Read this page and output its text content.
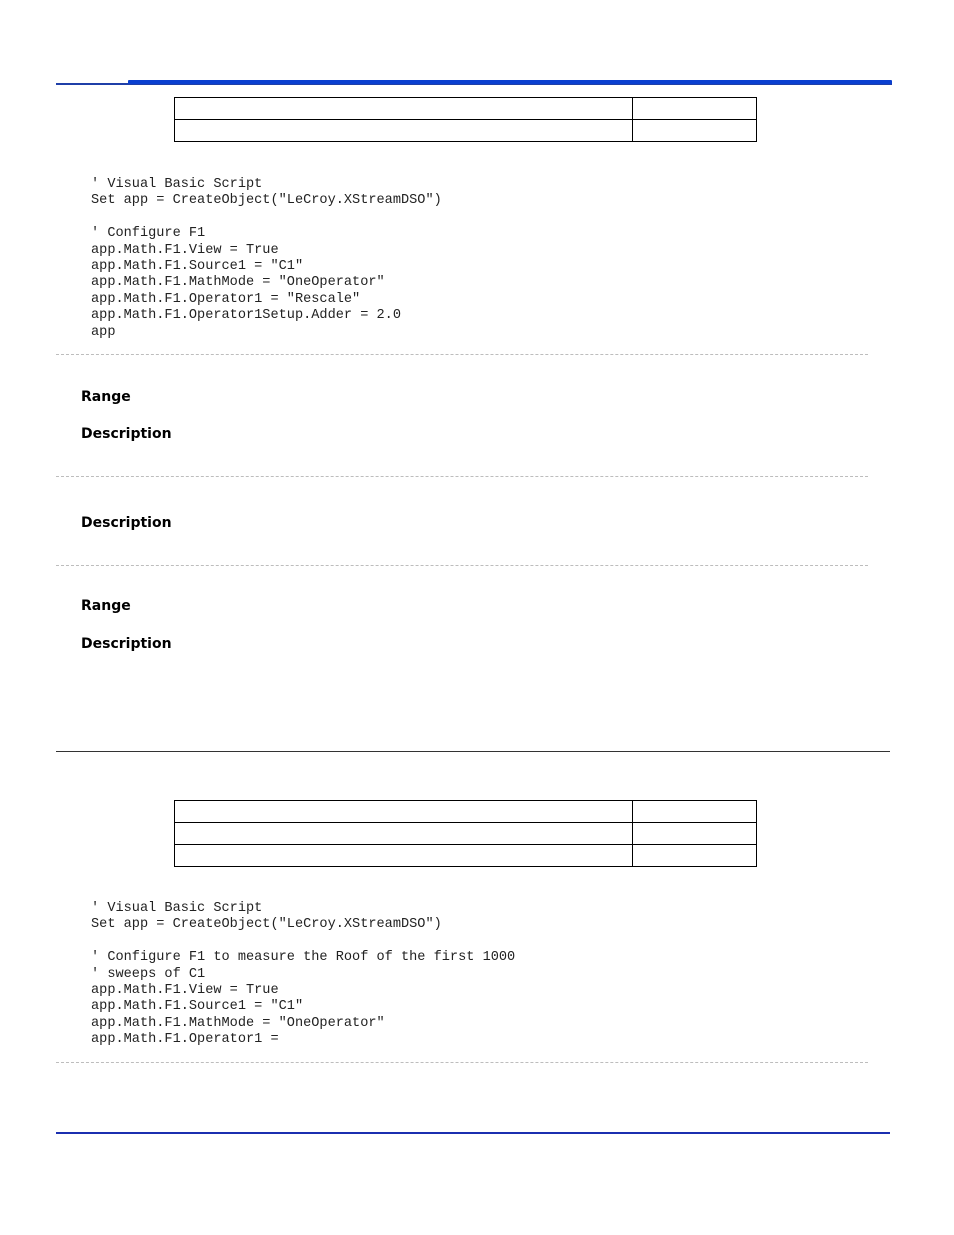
' Visual Basic Script
Set app = CreateObject("LeCroy.XStreamDSO")

' Configure F1
app.Math.F1.View = True
app.Math.F1.Source1 = "C1"
app.Math.F1.MathMode = "OneOperator"
app.Math.F1.Operator1 = "Rescale"
app.Math.F1.Operator1Setup.Adder = 2.0
app
Range
Description
Description
Range
Description

' Visual Basic Script
Set app = CreateObject("LeCroy.XStreamDSO")

' Configure F1 to measure the Roof of the first 1000
' sweeps of C1
app.Math.F1.View = True
app.Math.F1.Source1 = "C1"
app.Math.F1.MathMode = "OneOperator"
app.Math.F1.Operator1 =
